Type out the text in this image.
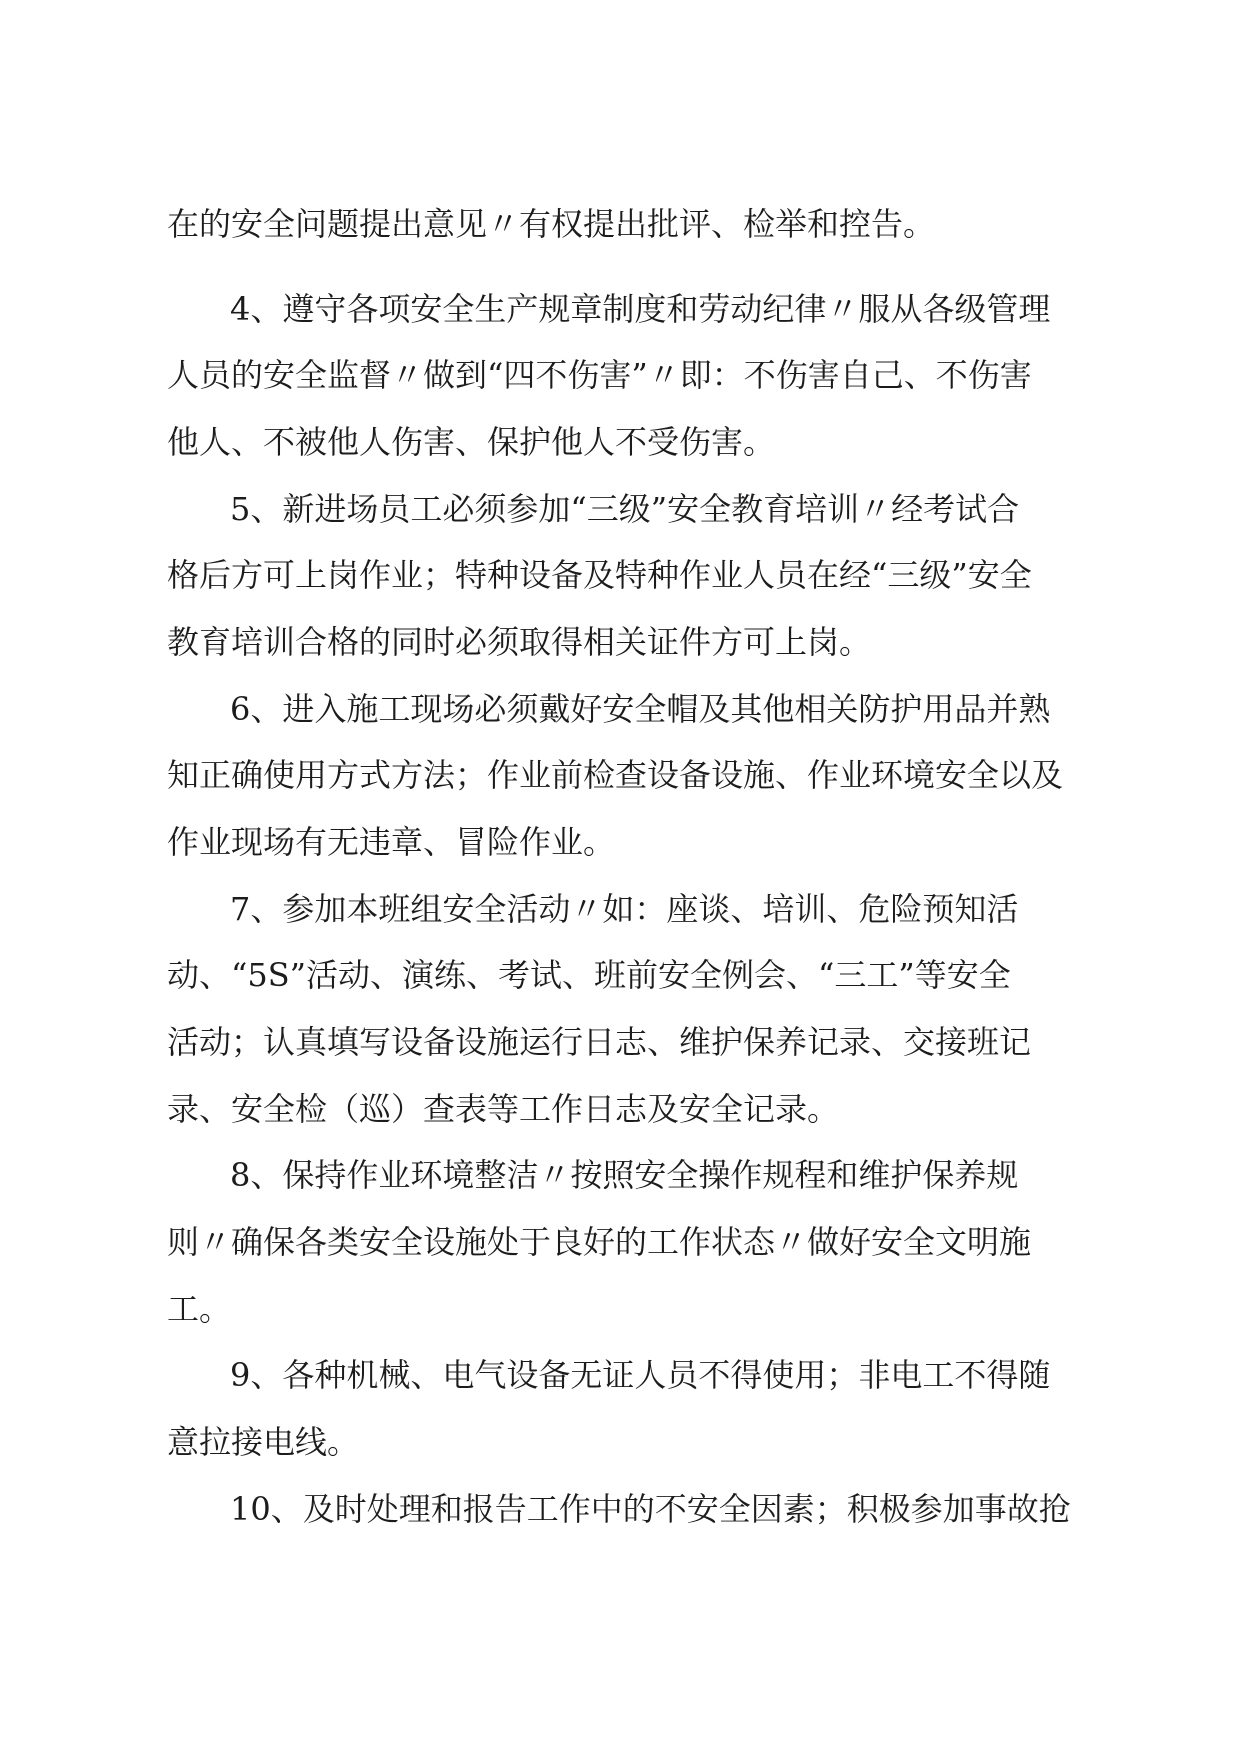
在的安全问题提出意见〃有权提出批评、检举和控告。
4、遵守各项安全生产规章制度和劳动纪律〃服从各级管理
人员的安全监督〃做到“四不伤害”〃即：不伤害自己、不伤害
他人、不被他人伤害、保护他人不受伤害。
5、新进场员工必须参加“三级”安全教育培训〃经考试合
格后方可上岗作业；特种设备及特种作业人员在经“三级”安全
教育培训合格的同时必须取得相关证件方可上岗。
6、进入施工现场必须戴好安全帽及其他相关防护用品并熟
知正确使用方式方法；作业前检查设备设施、作业环境安全以及
作业现场有无违章、冒险作业。
7、参加本班组安全活动〃如：座谈、培训、危险预知活
动、“5S”活动、演练、考试、班前安全例会、“三工”等安全
活动；认真填写设备设施运行日志、维护保养记录、交接班记
录、安全检（巡）查表等工作日志及安全记录。
8、保持作业环境整洁〃按照安全操作规程和维护保养规
则〃确保各类安全设施处于良好的工作状态〃做好安全文明施
工。
9、各种机械、电气设备无证人员不得使用；非电工不得随
意拉接电线。
10、及时处理和报告工作中的不安全因素；积极参加事故抢
